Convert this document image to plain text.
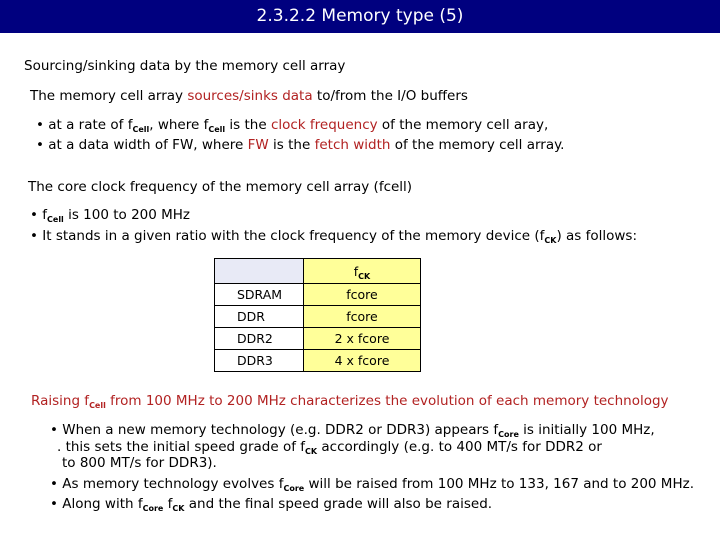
2.3.2.2 Memory type (5)
Sourcing/sinking data by the memory cell array
The memory cell array sources/sinks data to/from the I/O buffers
• at a rate of $f_{Cell}$, where $f_{Cell}$ is the clock frequency of the memory cell aray,
• at a data width of FW, where FW is the fetch width of the memory cell array.
The core clock frequency of the memory cell array (fcell)
• $f_{Cell}$ is 100 to 200 MHz
• It stands in a given ratio with the clock frequency of the memory device $(f_{CK})$ as follows:
	$f_{CK}$
SDRAM	fcore
DDR	fcore
DDR2	2 x fcore
DDR3	4 x fcore
Raising $f_{Cell}$ from 100 MHz to 200 MHz characterizes the evolution of each memory technology
• When a new memory technology (e.g. DDR2 or DDR3) appears $f_{Core}$ is initially 100 MHz,
. this sets the initial speed grade of $f_{CK}$ accordingly (e.g. to 400 MT/s for DDR2 or
to 800 MT/s for DDR3).
• As memory technology evolves $f_{Core}$ will be raised from 100 MHz to 133, 167 and to 200 MHz.
• Along with $f_{Core}$ $f_{CK}$ and the final speed grade will also be raised.
